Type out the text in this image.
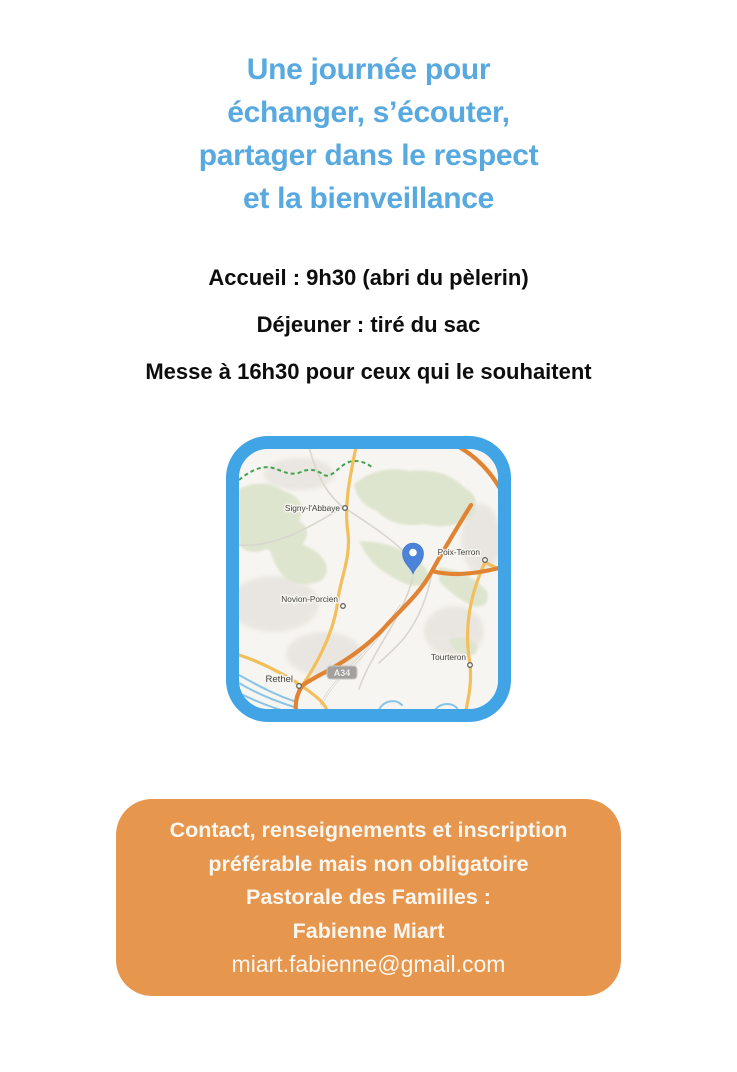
Une journée pour
échanger, s’écouter,
partager dans le respect
et la bienveillance
Accueil : 9h30 (abri du pèlerin)
Déjeuner : tiré du sac
Messe à 16h30 pour ceux qui le souhaitent
A34
Signy-l'Abbaye
Poix-Terron
Novion-Porcien
Tourteron
Rethel
Contact, renseignements et inscription
préférable mais non obligatoire
Pastorale des Familles :
Fabienne Miart
miart.fabienne@gmail.com
